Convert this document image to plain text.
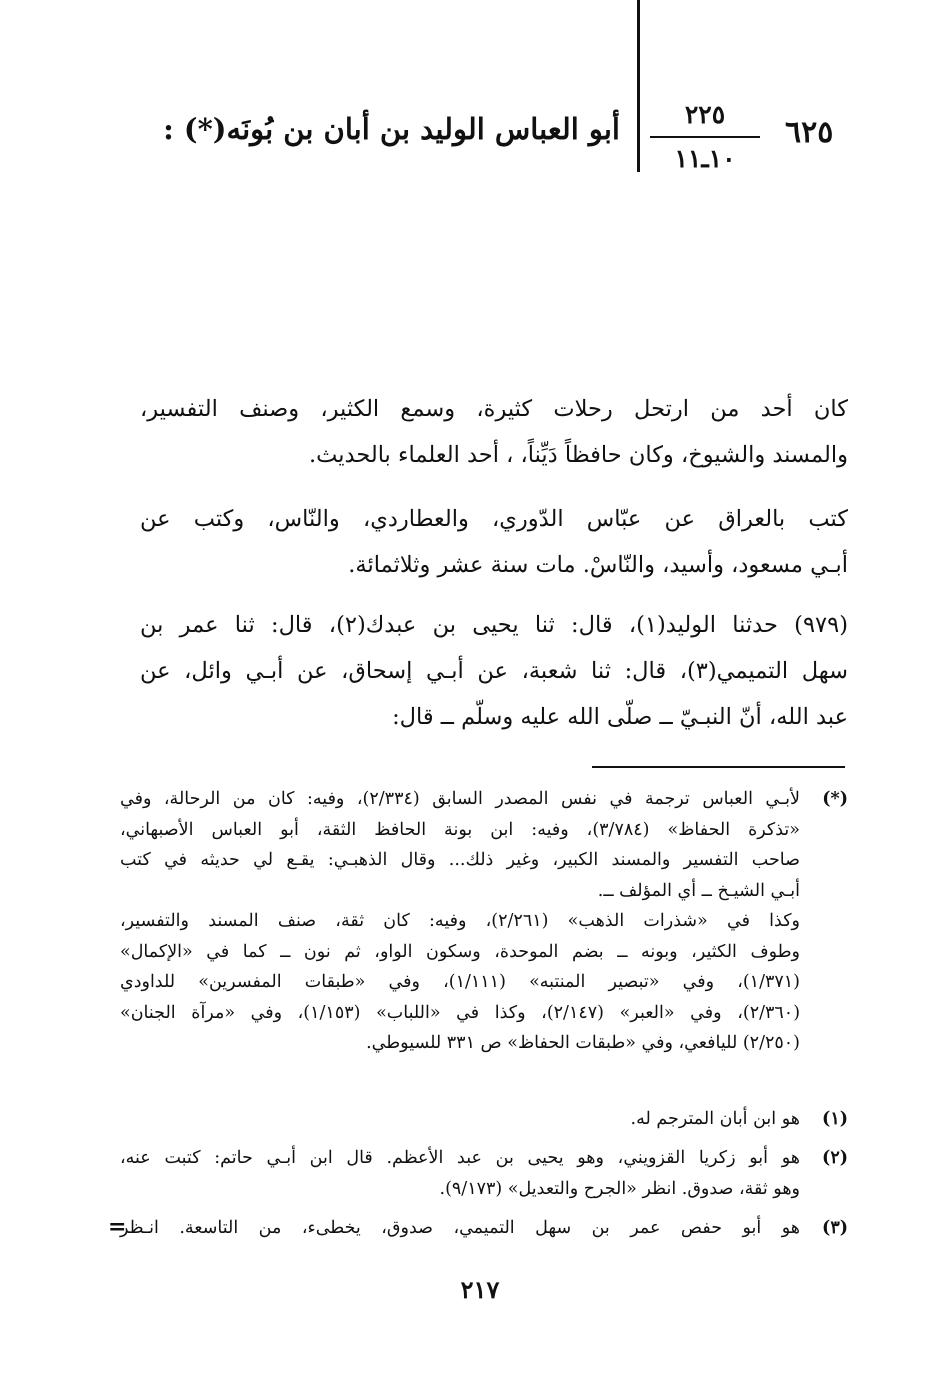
٦٢٥
٢٢٥
١٠ـ١١
أبو العباس الوليد بن أبان بن بُونَه(*) :
كان أحد من ارتحل رحلات كثيرة، وسمع الكثير، وصنف التفسير،
والمسند والشيوخ، وكان حافظاً دَيِّناً، ، أحد العلماء بالحديث.
كتب بالعراق عن عبّاس الدّوري، والعطاردي، والنّاس، وكتب عن
أبـي مسعود، وأسيد، والنّاسْ. مات سنة عشر وثلاثمائة.
(٩٧٩) حدثنا الوليد(١)، قال: ثنا يحيى بن عبدك(٢)، قال: ثنا عمر بن
سهل التميمي(٣)، قال: ثنا شعبة، عن أبـي إسحاق، عن أبـي وائل، عن
عبد الله، أنّ النبـيّ ــ صلّى الله عليه وسلّم ــ قال:
(*)
لأبـي العباس ترجمة في نفس المصدر السابق (٢/٣٣٤)، وفيه: كان من الرحالة، وفي
«تذكرة الحفاظ» (٣/٧٨٤)، وفيه: ابن بونة الحافظ الثقة، أبو العباس الأصبهاني،
صاحب التفسير والمسند الكبير، وغير ذلك... وقال الذهبـي: يقـع لي حديثه في كتب
أبـي الشيـخ ــ أي المؤلف ــ.
وكذا في «شذرات الذهب» (٢/٢٦١)، وفيه: كان ثقة، صنف المسند والتفسير،
وطوف الكثير، وبونه ــ بضم الموحدة، وسكون الواو، ثم نون ــ كما في «الإكمال»
(١/٣٧١)، وفي «تبصير المنتبه» (١/١١١)، وفي «طبقات المفسرين» للداودي
(٢/٣٦٠)، وفي «العبر» (٢/١٤٧)، وكذا في «اللباب» (١/١٥٣)، وفي «مرآة الجنان»
(٢/٢٥٠) لليافعي، وفي «طبقات الحفاظ» ص ٣٣١ للسيوطي.
(١)
هو ابن أبان المترجم له.
(٢)
هو أبو زكريا القزويني، وهو يحيى بن عبد الأعظم. قال ابن أبـي حاتم: كتبت عنه،
وهو ثقة، صدوق. انظر «الجرح والتعديل» (٩/١٧٣).
(٣)
هو أبو حفص عمر بن سهل التميمي، صدوق، يخطىء، من التاسعة. انـظر
=
٢١٧
